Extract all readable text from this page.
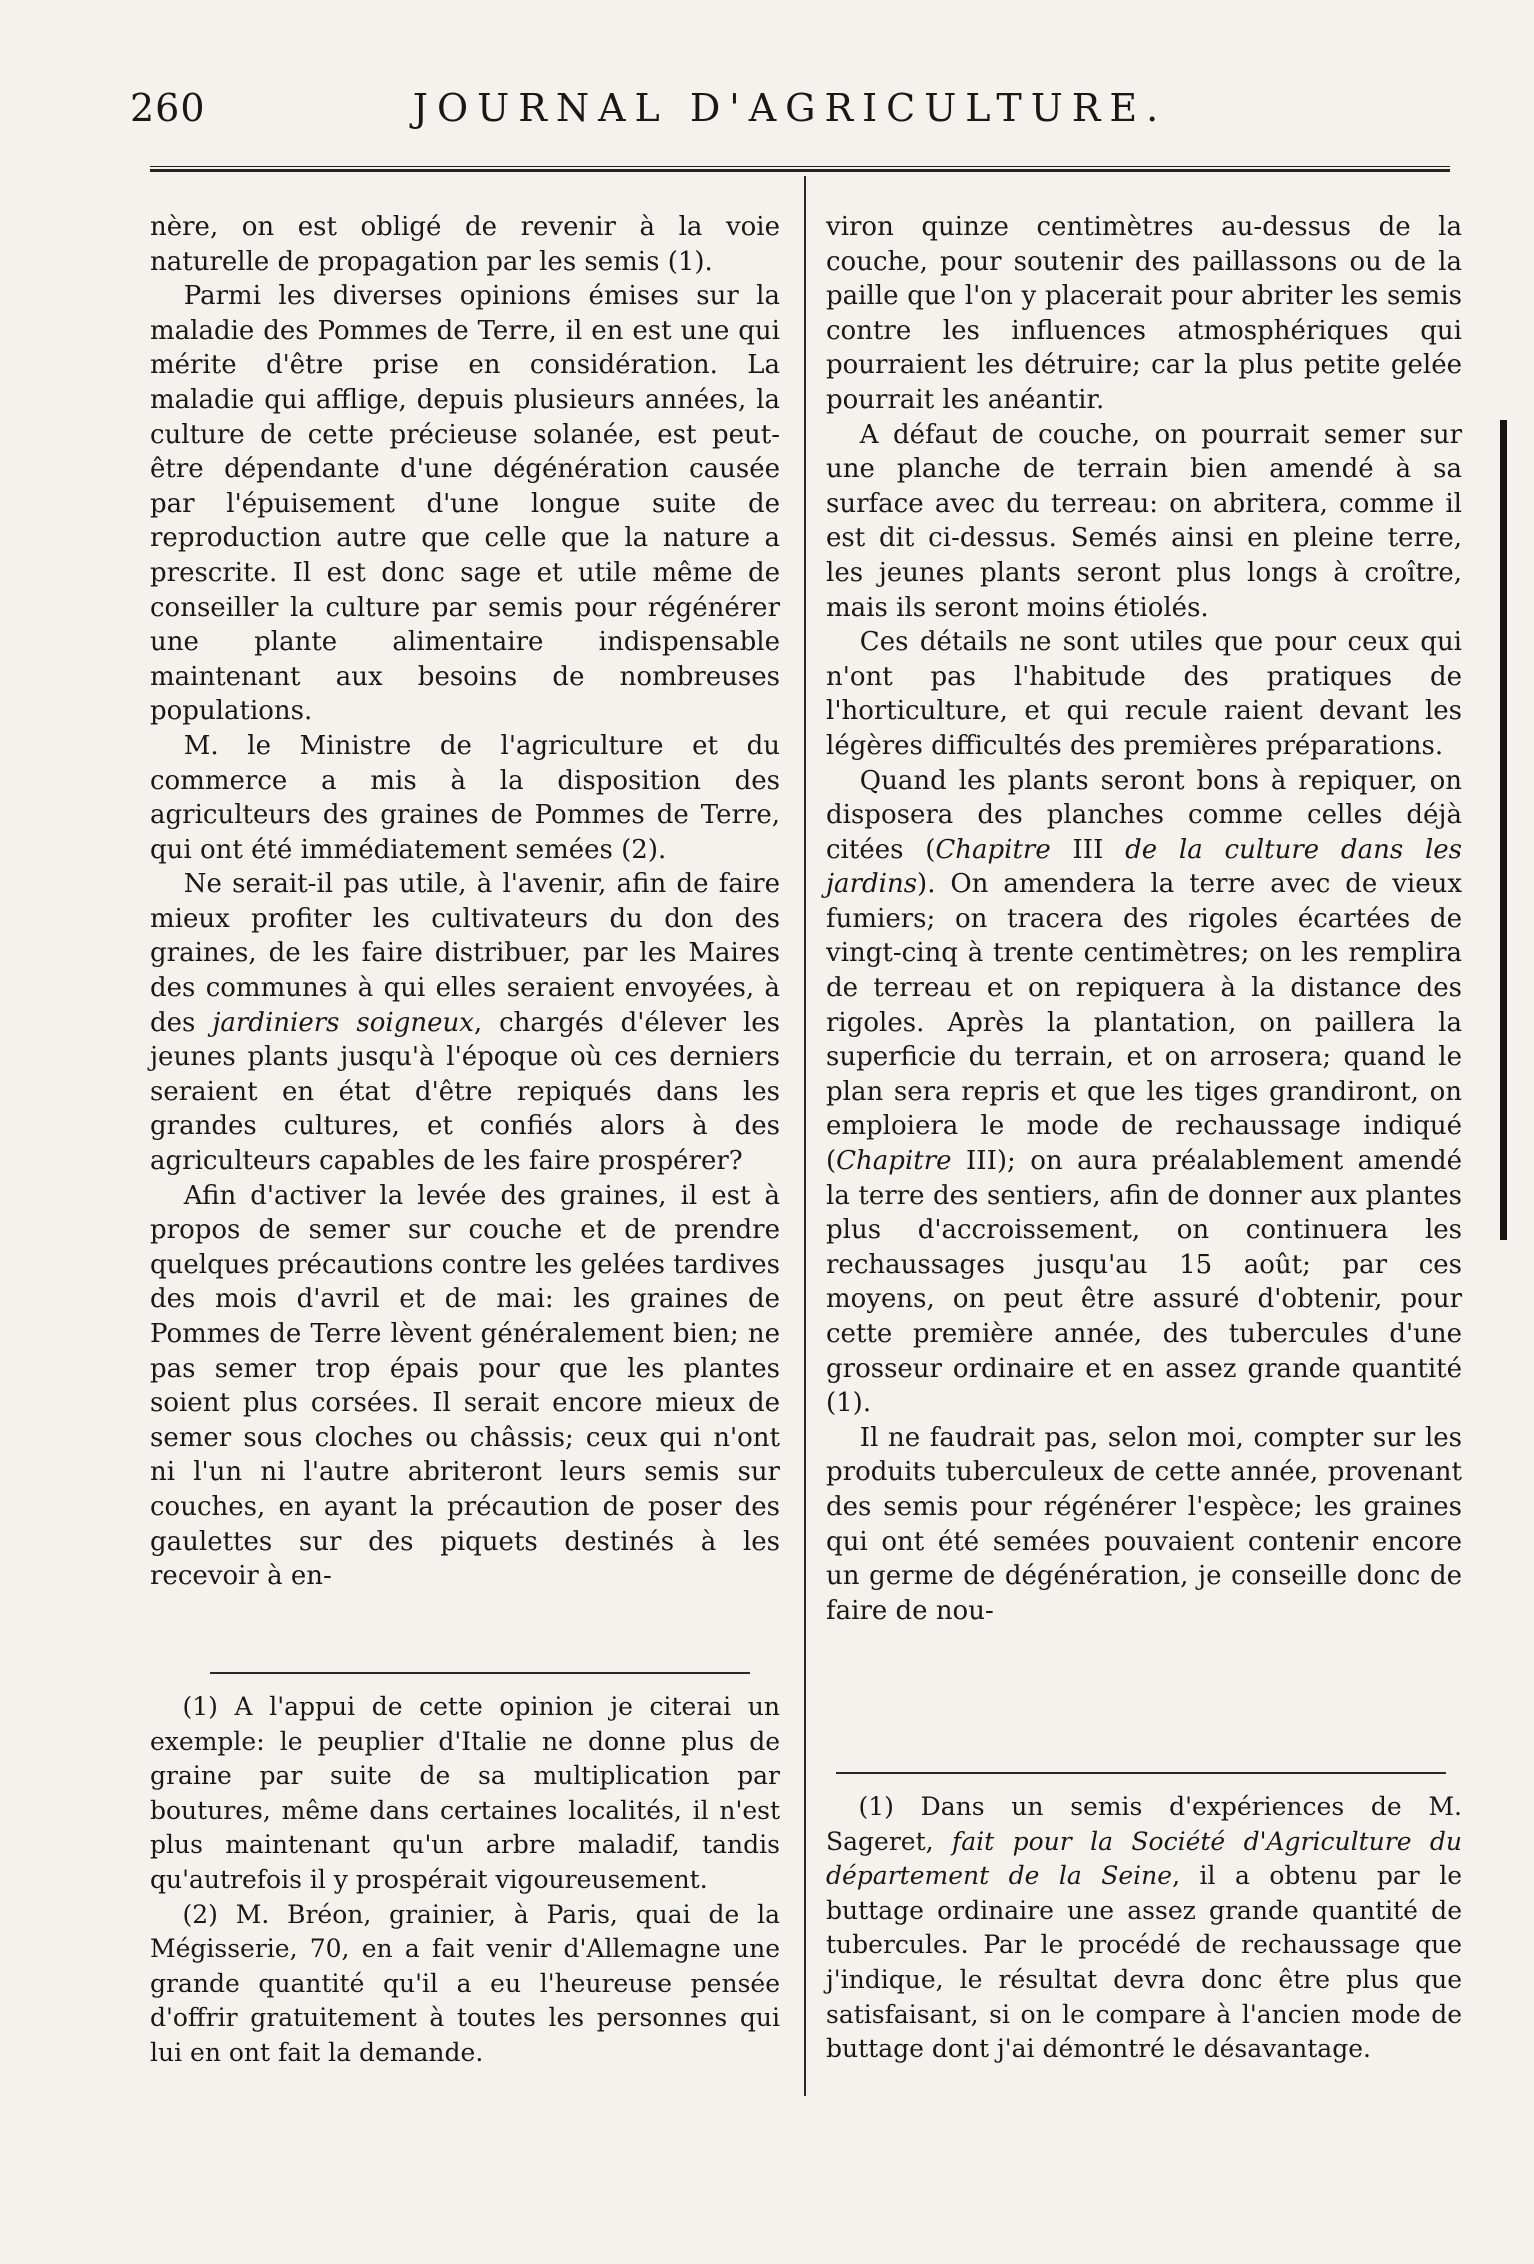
260	JOURNAL D'AGRICULTURE.

nère, on est obligé de revenir à la voie naturelle de propagation par les semis (1).

Parmi les diverses opinions émises sur la maladie des Pommes de Terre, il en est une qui mérite d'être prise en considération. La maladie qui afflige, depuis plusieurs années, la culture de cette précieuse solanée, est peut-être dépendante d'une dégénération causée par l'épuisement d'une longue suite de reproduction autre que celle que la nature a prescrite. Il est donc sage et utile même de conseiller la culture par semis pour régénérer une plante alimentaire indispensable maintenant aux besoins de nombreuses populations.

M. le Ministre de l'agriculture et du commerce a mis à la disposition des agriculteurs des graines de Pommes de Terre, qui ont été immédiatement semées (2).

Ne serait-il pas utile, à l'avenir, afin de faire mieux profiter les cultivateurs du don des graines, de les faire distribuer, par les Maires des communes à qui elles seraient envoyées, à des jardiniers soigneux, chargés d'élever les jeunes plants jusqu'à l'époque où ces derniers seraient en état d'être repiqués dans les grandes cultures, et confiés alors à des agriculteurs capables de les faire prospérer?

Afin d'activer la levée des graines, il est à propos de semer sur couche et de prendre quelques précautions contre les gelées tardives des mois d'avril et de mai: les graines de Pommes de Terre lèvent généralement bien; ne pas semer trop épais pour que les plantes soient plus corsées. Il serait encore mieux de semer sous cloches ou châssis; ceux qui n'ont ni l'un ni l'autre abriteront leurs semis sur couches, en ayant la précaution de poser des gaulettes sur des piquets destinés à les recevoir à en-

viron quinze centimètres au-dessus de la couche, pour soutenir des paillassons ou de la paille que l'on y placerait pour abriter les semis contre les influences atmosphériques qui pourraient les détruire; car la plus petite gelée pourrait les anéantir.

A défaut de couche, on pourrait semer sur une planche de terrain bien amendé à sa surface avec du terreau: on abritera, comme il est dit ci-dessus. Semés ainsi en pleine terre, les jeunes plants seront plus longs à croître, mais ils seront moins étiolés.

Ces détails ne sont utiles que pour ceux qui n'ont pas l'habitude des pratiques de l'horticulture, et qui recule raient devant les légères difficultés des premières préparations.

Quand les plants seront bons à repiquer, on disposera des planches comme celles déjà citées (Chapitre III de la culture dans les jardins). On amendera la terre avec de vieux fumiers; on tracera des rigoles écartées de vingt-cinq à trente centimètres; on les remplira de terreau et on repiquera à la distance des rigoles. Après la plantation, on paillera la superficie du terrain, et on arrosera; quand le plan sera repris et que les tiges grandiront, on emploiera le mode de rechaussage indiqué (Chapitre III); on aura préalablement amendé la terre des sentiers, afin de donner aux plantes plus d'accroissement, on continuera les rechaussages jusqu'au 15 août; par ces moyens, on peut être assuré d'obtenir, pour cette première année, des tubercules d'une grosseur ordinaire et en assez grande quantité (1).

Il ne faudrait pas, selon moi, compter sur les produits tuberculeux de cette année, provenant des semis pour régénérer l'espèce; les graines qui ont été semées pouvaient contenir encore un germe de dégénération, je conseille donc de faire de nou-

(1) A l'appui de cette opinion je citerai un exemple: le peuplier d'Italie ne donne plus de graine par suite de sa multiplication par boutures, même dans certaines localités, il n'est plus maintenant qu'un arbre maladif, tandis qu'autrefois il y prospérait vigoureusement.

(2) M. Bréon, grainier, à Paris, quai de la Mégisserie, 70, en a fait venir d'Allemagne une grande quantité qu'il a eu l'heureuse pensée d'offrir gratuitement à toutes les personnes qui lui en ont fait la demande.

(1) Dans un semis d'expériences de M. Sageret, fait pour la Société d'Agriculture du département de la Seine, il a obtenu par le buttage ordinaire une assez grande quantité de tubercules. Par le procédé de rechaussage que j'indique, le résultat devra donc être plus que satisfaisant, si on le compare à l'ancien mode de buttage dont j'ai démontré le désavantage.
